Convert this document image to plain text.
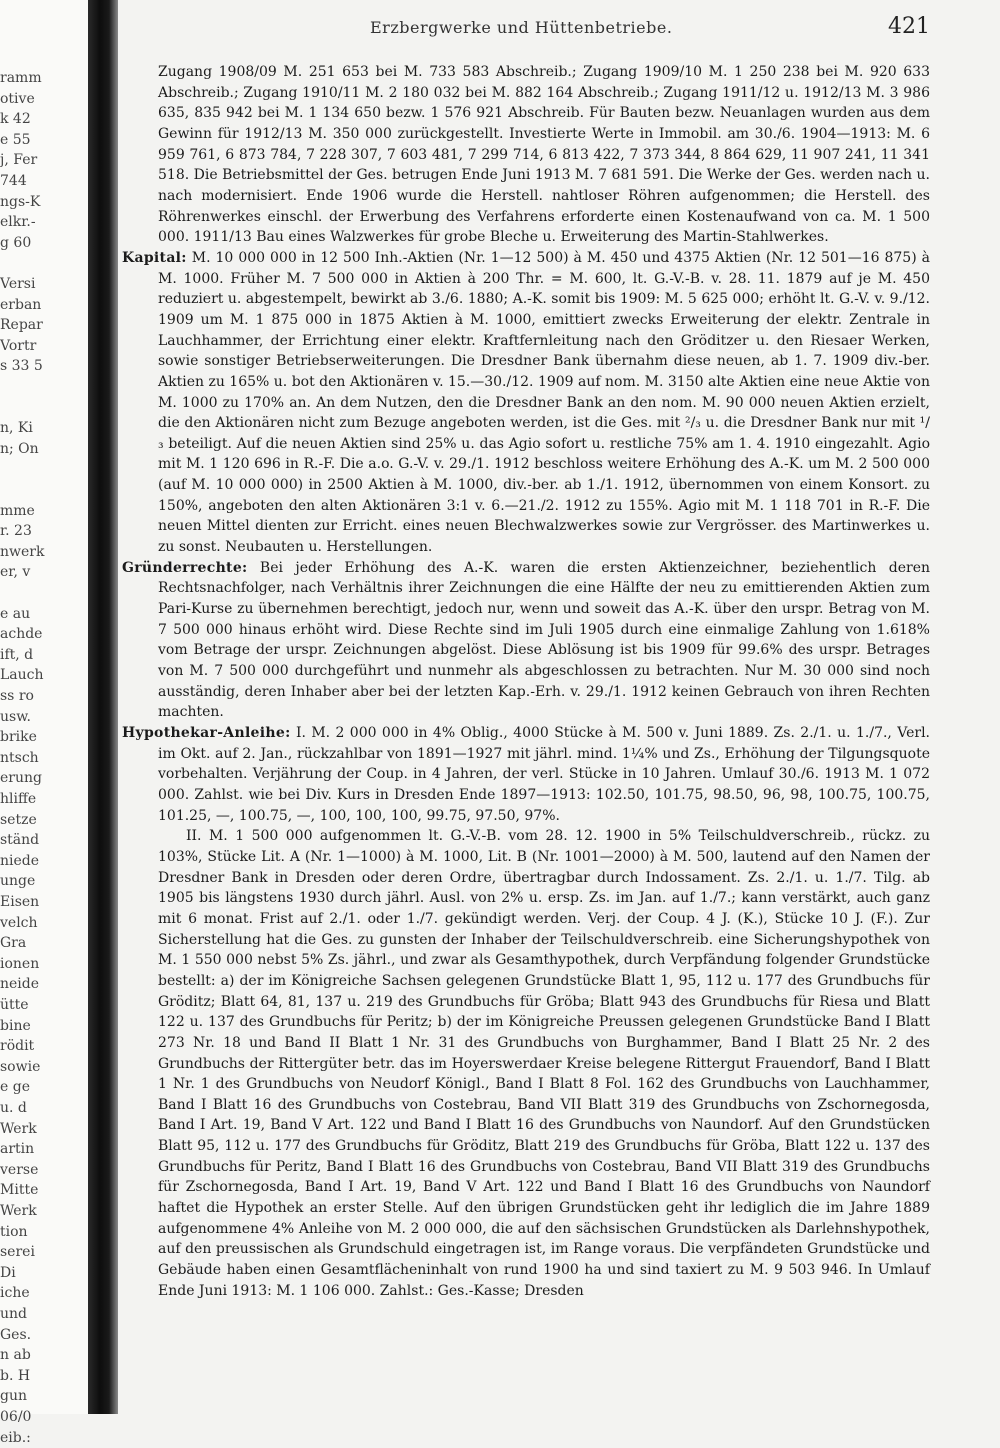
ramm
otive
k 42
e 55
j, Fer
744
ngs-K
elkr.-
g 60
Versi
erban
Repar
Vortr
s 33 5
n, Ki
n; On
mme
r. 23
nwerk
er, v
e au
achde
ift, d
Lauch
ss ro
usw.
brike
ntsch
erung
hliffe
setze
ständ
niede
unge
Eisen
velch
Gra
ionen
neide
ütte
bine
rödit
sowie
e ge
u. d
Werk
artin
verse
Mitte
Werk
tion
serei
Di
iche
und
Ges.
n ab
b. H
gun
06/0
eib.:
Erzbergwerke und Hüttenbetriebe.	421

Zugang 1908/09 M. 251 653 bei M. 733 583 Abschreib.; Zugang 1909/10 M. 1 250 238 bei M. 920 633 Abschreib.; Zugang 1910/11 M. 2 180 032 bei M. 882 164 Abschreib.; Zugang 1911/12 u. 1912/13 M. 3 986 635, 835 942 bei M. 1 134 650 bezw. 1 576 921 Abschreib. Für Bauten bezw. Neuanlagen wurden aus dem Gewinn für 1912/13 M. 350 000 zurückgestellt. Investierte Werte in Immobil. am 30./6. 1904—1913: M. 6 959 761, 6 873 784, 7 228 307, 7 603 481, 7 299 714, 6 813 422, 7 373 344, 8 864 629, 11 907 241, 11 341 518. Die Betriebsmittel der Ges. betrugen Ende Juni 1913 M. 7 681 591. Die Werke der Ges. werden nach u. nach modernisiert. Ende 1906 wurde die Herstell. nahtloser Röhren aufgenommen; die Herstell. des Röhrenwerkes einschl. der Erwerbung des Verfahrens erforderte einen Kostenaufwand von ca. M. 1 500 000. 1911/13 Bau eines Walzwerkes für grobe Bleche u. Erweiterung des Martin-Stahlwerkes.

Kapital: M. 10 000 000 in 12 500 Inh.-Aktien (Nr. 1—12 500) à M. 450 und 4375 Aktien (Nr. 12 501—16 875) à M. 1000. Früher M. 7 500 000 in Aktien à 200 Thr. = M. 600, lt. G.-V.-B. v. 28. 11. 1879 auf je M. 450 reduziert u. abgestempelt, bewirkt ab 3./6. 1880; A.-K. somit bis 1909: M. 5 625 000; erhöht lt. G.-V. v. 9./12. 1909 um M. 1 875 000 in 1875 Aktien à M. 1000, emittiert zwecks Erweiterung der elektr. Zentrale in Lauchhammer, der Errichtung einer elektr. Kraftfernleitung nach den Gröditzer u. den Riesaer Werken, sowie sonstiger Betriebserweiterungen. Die Dresdner Bank übernahm diese neuen, ab 1. 7. 1909 div.-ber. Aktien zu 165% u. bot den Aktionären v. 15.—30./12. 1909 auf nom. M. 3150 alte Aktien eine neue Aktie von M. 1000 zu 170% an. An dem Nutzen, den die Dresdner Bank an den nom. M. 90 000 neuen Aktien erzielt, die den Aktionären nicht zum Bezuge angeboten werden, ist die Ges. mit ²/₃ u. die Dresdner Bank nur mit ¹/₃ beteiligt. Auf die neuen Aktien sind 25% u. das Agio sofort u. restliche 75% am 1. 4. 1910 eingezahlt. Agio mit M. 1 120 696 in R.-F. Die a.o. G.-V. v. 29./1. 1912 beschloss weitere Erhöhung des A.-K. um M. 2 500 000 (auf M. 10 000 000) in 2500 Aktien à M. 1000, div.-ber. ab 1./1. 1912, übernommen von einem Konsort. zu 150%, angeboten den alten Aktionären 3:1 v. 6.—21./2. 1912 zu 155%. Agio mit M. 1 118 701 in R.-F. Die neuen Mittel dienten zur Erricht. eines neuen Blechwalzwerkes sowie zur Vergrösser. des Martinwerkes u. zu sonst. Neubauten u. Herstellungen.

Gründerrechte: Bei jeder Erhöhung des A.-K. waren die ersten Aktienzeichner, beziehentlich deren Rechtsnachfolger, nach Verhältnis ihrer Zeichnungen die eine Hälfte der neu zu emittierenden Aktien zum Pari-Kurse zu übernehmen berechtigt, jedoch nur, wenn und soweit das A.-K. über den urspr. Betrag von M. 7 500 000 hinaus erhöht wird. Diese Rechte sind im Juli 1905 durch eine einmalige Zahlung von 1.618% vom Betrage der urspr. Zeichnungen abgelöst. Diese Ablösung ist bis 1909 für 99.6% des urspr. Betrages von M. 7 500 000 durchgeführt und nunmehr als abgeschlossen zu betrachten. Nur M. 30 000 sind noch ausständig, deren Inhaber aber bei der letzten Kap.-Erh. v. 29./1. 1912 keinen Gebrauch von ihren Rechten machten.

Hypothekar-Anleihe: I. M. 2 000 000 in 4% Oblig., 4000 Stücke à M. 500 v. Juni 1889. Zs. 2./1. u. 1./7., Verl. im Okt. auf 2. Jan., rückzahlbar von 1891—1927 mit jährl. mind. 1¼% und Zs., Erhöhung der Tilgungsquote vorbehalten. Verjährung der Coup. in 4 Jahren, der verl. Stücke in 10 Jahren. Umlauf 30./6. 1913 M. 1 072 000. Zahlst. wie bei Div. Kurs in Dresden Ende 1897—1913: 102.50, 101.75, 98.50, 96, 98, 100.75, 100.75, 101.25, —, 100.75, —, 100, 100, 100, 99.75, 97.50, 97%.

II. M. 1 500 000 aufgenommen lt. G.-V.-B. vom 28. 12. 1900 in 5% Teilschuldverschreib., rückz. zu 103%, Stücke Lit. A (Nr. 1—1000) à M. 1000, Lit. B (Nr. 1001—2000) à M. 500, lautend auf den Namen der Dresdner Bank in Dresden oder deren Ordre, übertragbar durch Indossament. Zs. 2./1. u. 1./7. Tilg. ab 1905 bis längstens 1930 durch jährl. Ausl. von 2% u. ersp. Zs. im Jan. auf 1./7.; kann verstärkt, auch ganz mit 6 monat. Frist auf 2./1. oder 1./7. gekündigt werden. Verj. der Coup. 4 J. (K.), Stücke 10 J. (F.). Zur Sicherstellung hat die Ges. zu gunsten der Inhaber der Teilschuldverschreib. eine Sicherungshypothek von M. 1 550 000 nebst 5% Zs. jährl., und zwar als Gesamthypothek, durch Verpfändung folgender Grundstücke bestellt: a) der im Königreiche Sachsen gelegenen Grundstücke Blatt 1, 95, 112 u. 177 des Grundbuchs für Gröditz; Blatt 64, 81, 137 u. 219 des Grundbuchs für Gröba; Blatt 943 des Grundbuchs für Riesa und Blatt 122 u. 137 des Grundbuchs für Peritz; b) der im Königreiche Preussen gelegenen Grundstücke Band I Blatt 273 Nr. 18 und Band II Blatt 1 Nr. 31 des Grundbuchs von Burghammer, Band I Blatt 25 Nr. 2 des Grundbuchs der Rittergüter betr. das im Hoyerswerdaer Kreise belegene Rittergut Frauendorf, Band I Blatt 1 Nr. 1 des Grundbuchs von Neudorf Königl., Band I Blatt 8 Fol. 162 des Grundbuchs von Lauchhammer, Band I Blatt 16 des Grundbuchs von Costebrau, Band VII Blatt 319 des Grundbuchs von Zschornegosda, Band I Art. 19, Band V Art. 122 und Band I Blatt 16 des Grundbuchs von Naundorf. Auf den Grundstücken Blatt 95, 112 u. 177 des Grundbuchs für Gröditz, Blatt 219 des Grundbuchs für Gröba, Blatt 122 u. 137 des Grundbuchs für Peritz, Band I Blatt 16 des Grundbuchs von Costebrau, Band VII Blatt 319 des Grundbuchs für Zschornegosda, Band I Art. 19, Band V Art. 122 und Band I Blatt 16 des Grundbuchs von Naundorf haftet die Hypothek an erster Stelle. Auf den übrigen Grundstücken geht ihr lediglich die im Jahre 1889 aufgenommene 4% Anleihe von M. 2 000 000, die auf den sächsischen Grundstücken als Darlehnshypothek, auf den preussischen als Grundschuld eingetragen ist, im Range voraus. Die verpfändeten Grundstücke und Gebäude haben einen Gesamtflächeninhalt von rund 1900 ha und sind taxiert zu M. 9 503 946. In Umlauf Ende Juni 1913: M. 1 106 000. Zahlst.: Ges.-Kasse; Dresden
